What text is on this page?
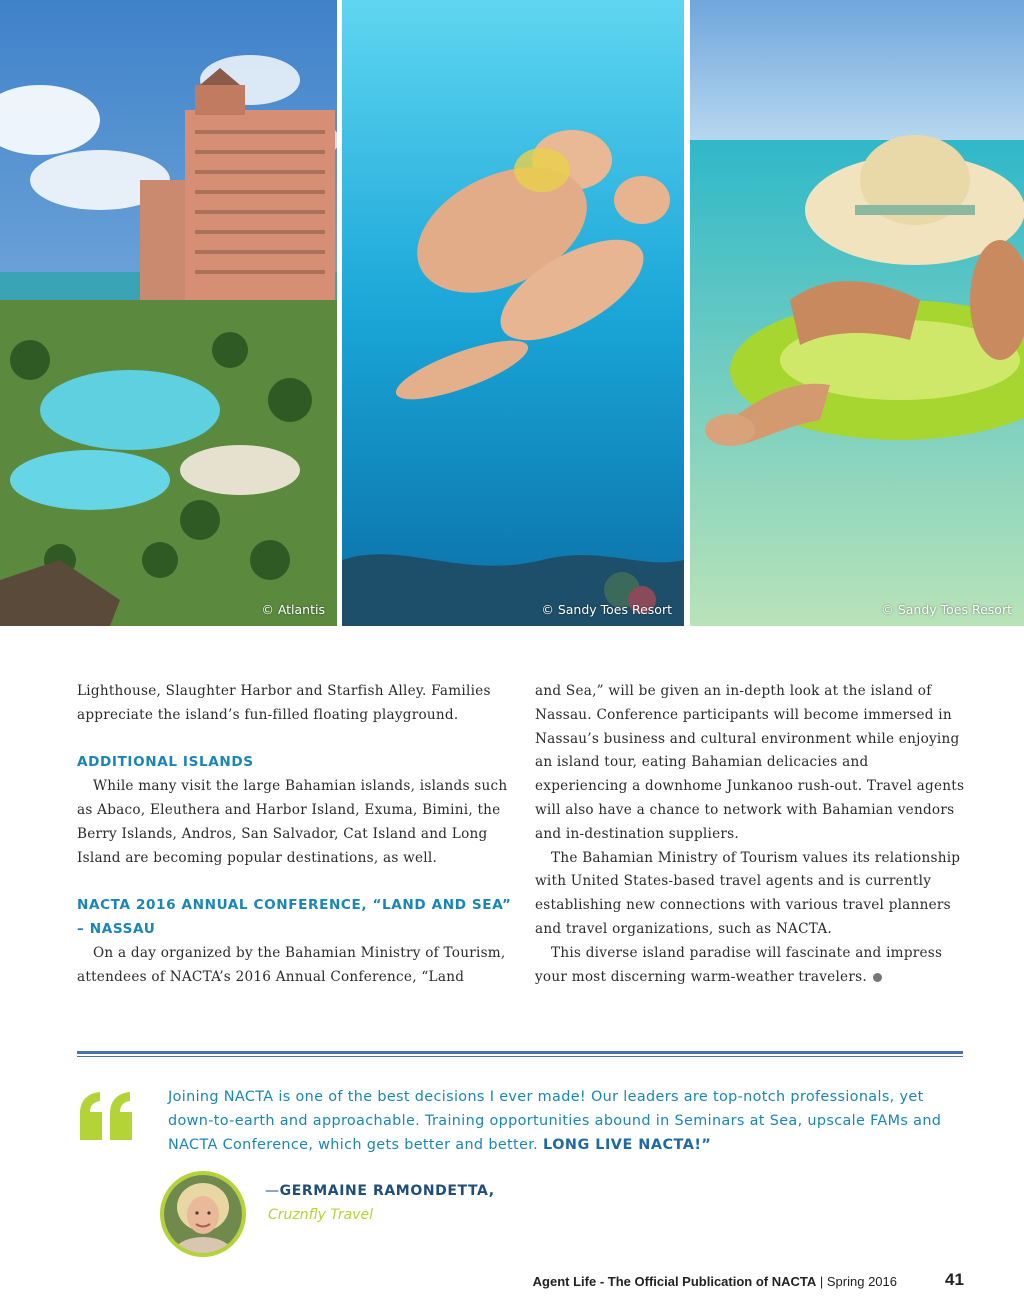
© Atlantis	© Sandy Toes Resort	© Sandy Toes Resort

Lighthouse, Slaughter Harbor and Starfish Alley. Families appreciate the island’s fun-filled floating playground.

ADDITIONAL ISLANDS

While many visit the large Bahamian islands, islands such as Abaco, Eleuthera and Harbor Island, Exuma, Bimini, the Berry Islands, Andros, San Salvador, Cat Island and Long Island are becoming popular destinations, as well.

NACTA 2016 ANNUAL CONFERENCE, “LAND AND SEA” – NASSAU

On a day organized by the Bahamian Ministry of Tourism, attendees of NACTA’s 2016 Annual Conference, “Land

and Sea,” will be given an in-depth look at the island of Nassau. Conference participants will become immersed in Nassau’s business and cultural environment while enjoying an island tour, eating Bahamian delicacies and experiencing a downhome Junkanoo rush-out. Travel agents will also have a chance to network with Bahamian vendors and in-destination suppliers.

The Bahamian Ministry of Tourism values its relationship with United States-based travel agents and is currently establishing new connections with various travel planners and travel organizations, such as NACTA.

This diverse island paradise will fascinate and impress your most discerning warm-weather travelers.

Joining NACTA is one of the best decisions I ever made! Our leaders are top-notch professionals, yet down-to-earth and approachable. Training opportunities abound in Seminars at Sea, upscale FAMs and NACTA Conference, which gets better and better. LONG LIVE NACTA!”
—GERMAINE RAMONDETTA,
Cruznfly Travel
Agent Life - The Official Publication of NACTA | Spring 2016	41
